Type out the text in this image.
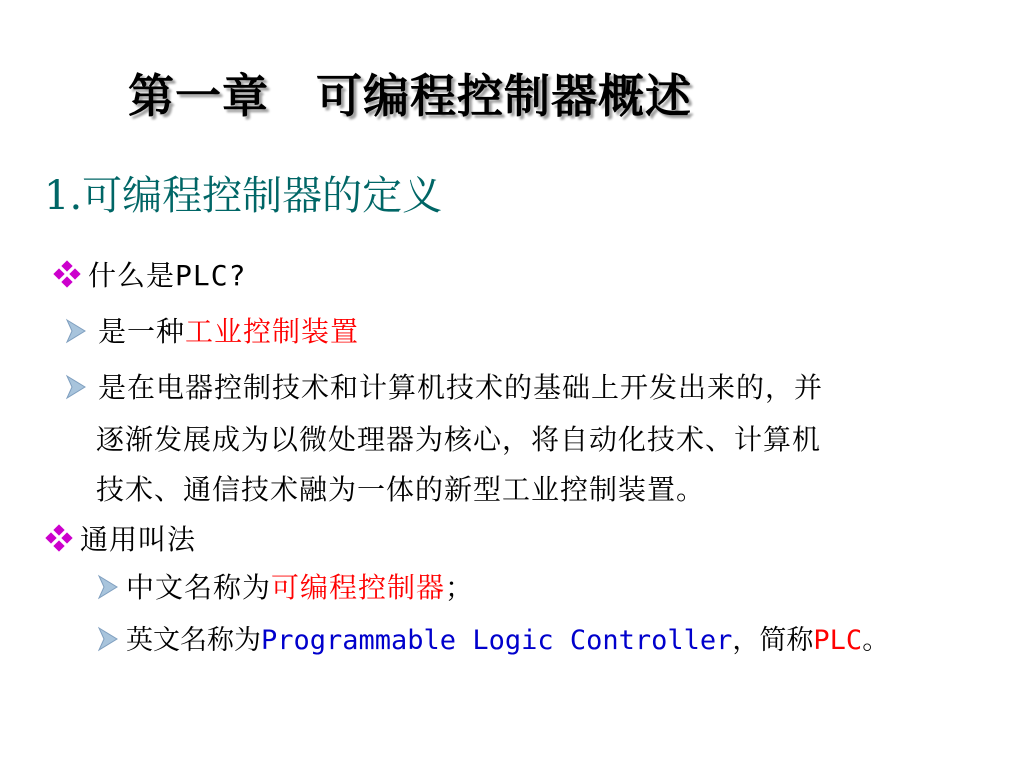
第一章　可编程控制器概述
1.可编程控制器的定义
什么是PLC?
是一种工业控制装置
是在电器控制技术和计算机技术的基础上开发出来的，并
逐渐发展成为以微处理器为核心，将自动化技术、计算机
技术、通信技术融为一体的新型工业控制装置。
通用叫法
中文名称为可编程控制器；
英文名称为Programmable Logic Controller，简称PLC。
